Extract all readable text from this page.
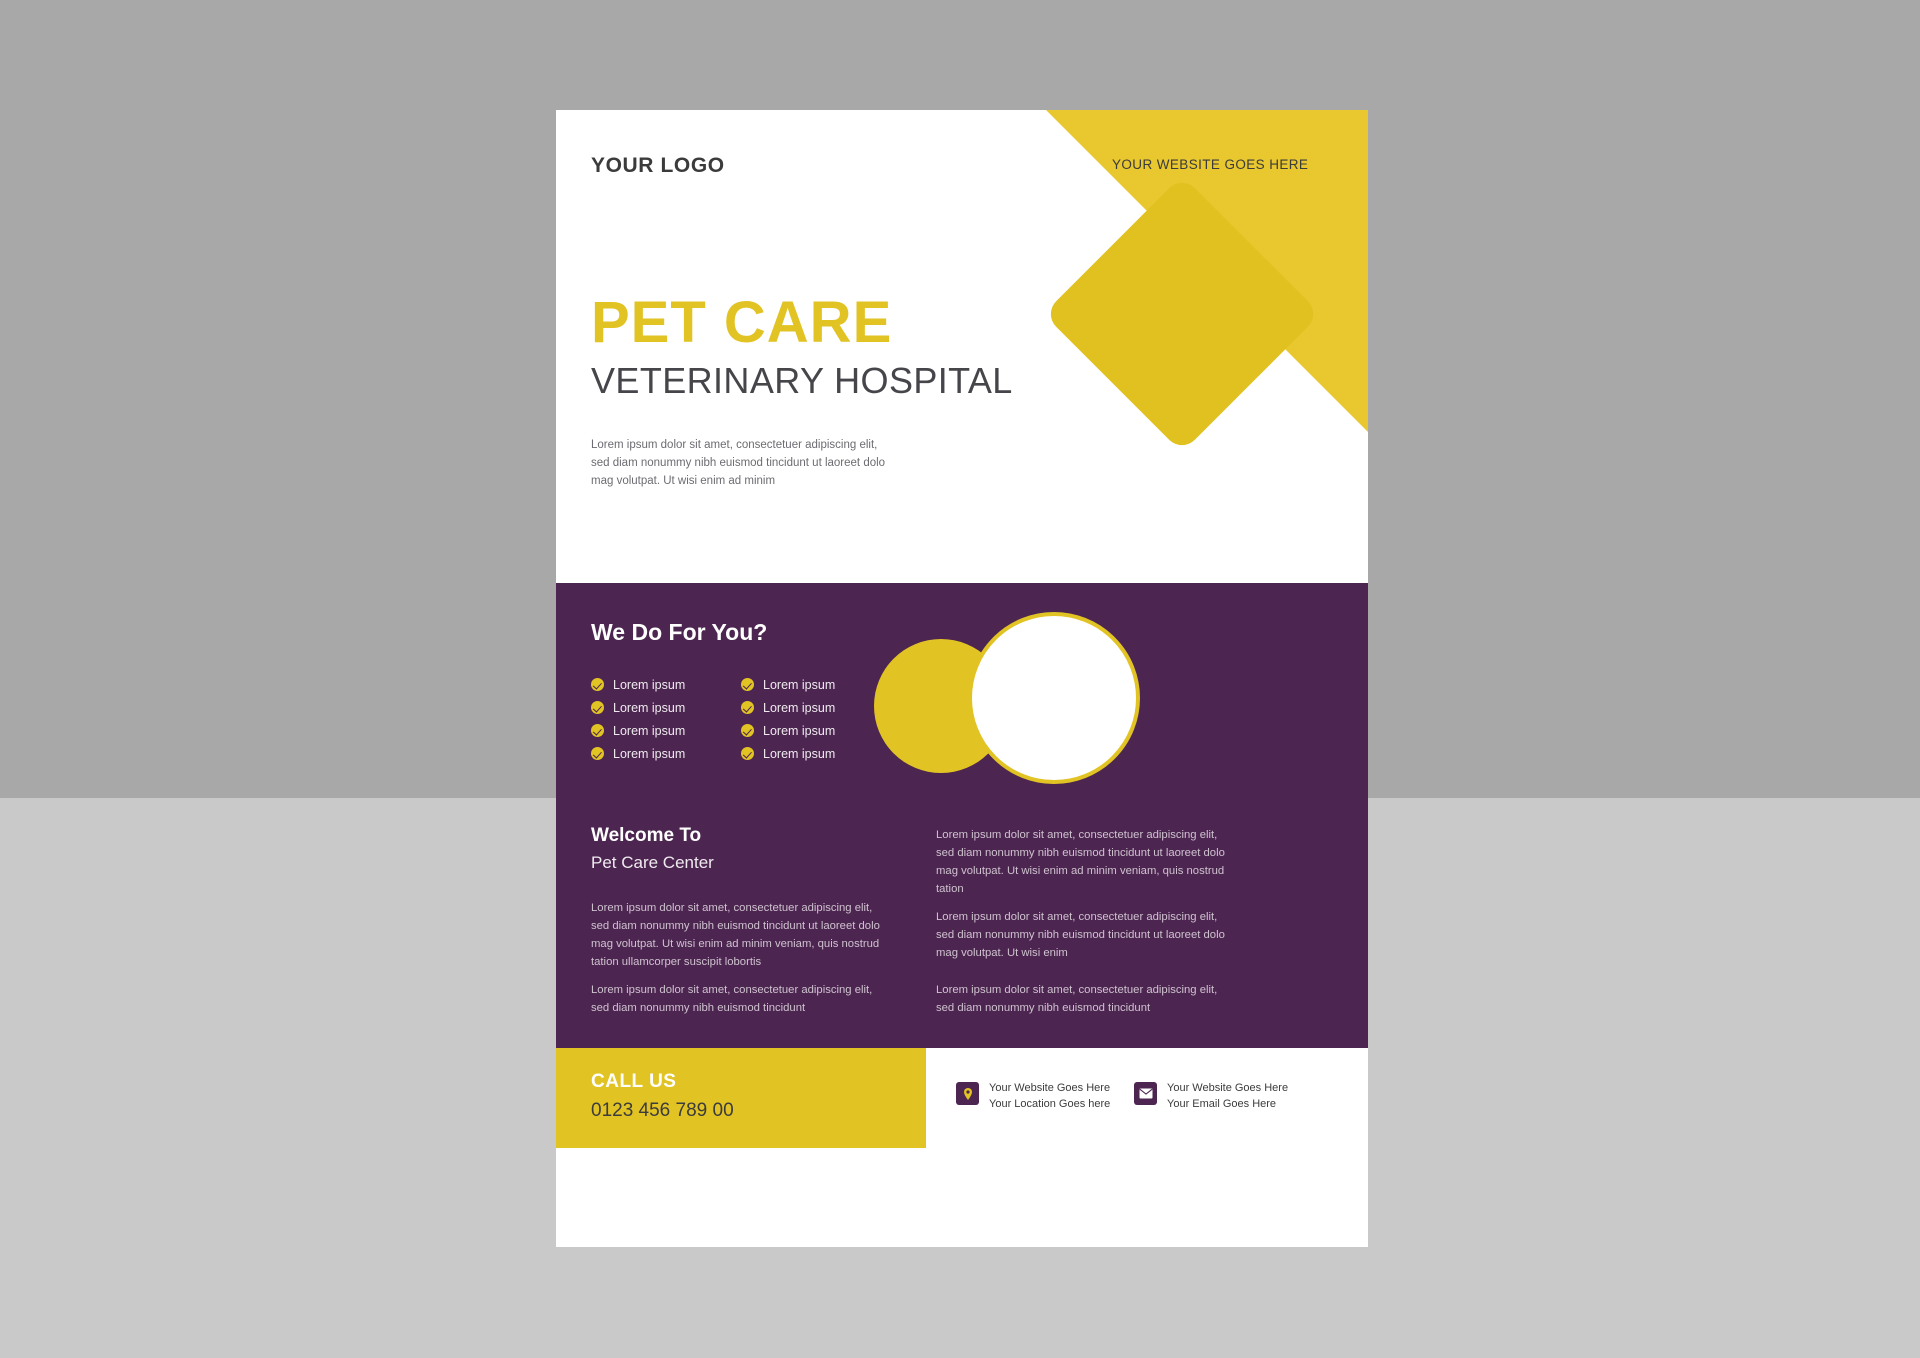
YOUR LOGO	YOUR WEBSITE GOES HERE
PET CARE
VETERINARY HOSPITAL
Lorem ipsum dolor sit amet, consectetuer adipiscing elit, sed diam nonummy nibh euismod tincidunt ut laoreet dolo mag volutpat. Ut wisi enim ad minim
We Do For You?
Lorem ipsum	Lorem ipsum
Lorem ipsum	Lorem ipsum
Lorem ipsum	Lorem ipsum
Lorem ipsum	Lorem ipsum
Welcome To
Pet Care Center
Lorem ipsum dolor sit amet, consectetuer adipiscing elit, sed diam nonummy nibh euismod tincidunt ut laoreet dolo mag volutpat. Ut wisi enim ad minim veniam, quis nostrud tation ullamcorper suscipit lobortis
Lorem ipsum dolor sit amet, consectetuer adipiscing elit, sed diam nonummy nibh euismod tincidunt
Lorem ipsum dolor sit amet, consectetuer adipiscing elit, sed diam nonummy nibh euismod tincidunt ut laoreet dolo mag volutpat. Ut wisi enim ad minim veniam, quis nostrud tation
Lorem ipsum dolor sit amet, consectetuer adipiscing elit, sed diam nonummy nibh euismod tincidunt ut laoreet dolo mag volutpat. Ut wisi enim
Lorem ipsum dolor sit amet, consectetuer adipiscing elit, sed diam nonummy nibh euismod tincidunt
CALL US
0123 456 789 00
Your Website Goes Here
Your Location Goes here
Your Website Goes Here
Your Email Goes Here
